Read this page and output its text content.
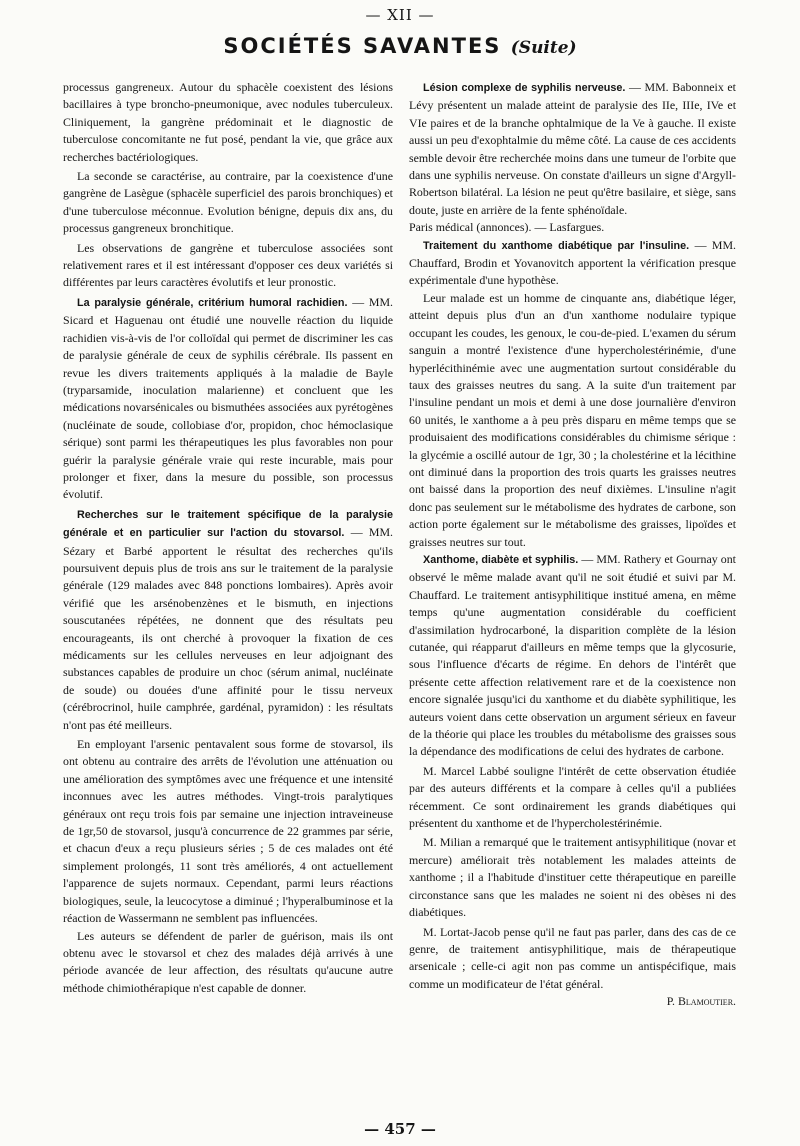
— XII —
SOCIÉTÉS SAVANTES (Suite)

processus gangreneux. Autour du sphacèle coexistent des lésions bacillaires à type broncho-pneumonique, avec nodules tuberculeux. Cliniquement, la gangrène prédominait et le diagnostic de tuberculose concomitante ne fut posé, pendant la vie, que grâce aux recherches bactériologiques.

La seconde se caractérise, au contraire, par la coexistence d'une gangrène de Lasègue (sphacèle superficiel des parois bronchiques) et d'une tuberculose méconnue. Evolution bénigne, depuis dix ans, du processus gangreneux bronchitique.

Les observations de gangrène et tuberculose associées sont relativement rares et il est intéressant d'opposer ces deux variétés si différentes par leurs caractères évolutifs et leur pronostic.

La paralysie générale, critérium humoral rachidien. — MM. Sicard et Haguenau ont étudié une nouvelle réaction du liquide rachidien vis-à-vis de l'or colloïdal qui permet de discriminer les cas de paralysie générale de ceux de syphilis cérébrale. Ils passent en revue les divers traitements appliqués à la maladie de Bayle (tryparsamide, inoculation malarienne) et concluent que les médications novarsénicales ou bismuthées associées aux pyrétogènes (nucléinate de soude, collobiase d'or, propidon, choc hémoclasique sérique) sont parmi les thérapeutiques les plus favorables non pour guérir la paralysie générale vraie qui reste incurable, mais pour prolonger et fixer, dans la mesure du possible, son processus évolutif.

Recherches sur le traitement spécifique de la paralysie générale et en particulier sur l'action du stovarsol. — MM. Sézary et Barbé apportent le résultat des recherches qu'ils poursuivent depuis plus de trois ans sur le traitement de la paralysie générale (129 malades avec 848 ponctions lombaires). Après avoir vérifié que les arsénobenzènes et le bismuth, en injections souscutanées répétées, ne donnent que des résultats peu encourageants, ils ont cherché à provoquer la fixation de ces médicaments sur les cellules nerveuses en leur adjoignant des substances capables de produire un choc (sérum animal, nucléinate de soude) ou douées d'une affinité pour le tissu nerveux (cérébrocrinol, huile camphrée, gardénal, pyramidon) : les résultats n'ont pas été meilleurs.

En employant l'arsenic pentavalent sous forme de stovarsol, ils ont obtenu au contraire des arrêts de l'évolution une atténuation ou une amélioration des symptômes avec une fréquence et une intensité inconnues avec les autres méthodes. Vingt-trois paralytiques généraux ont reçu trois fois par semaine une injection intraveineuse de 1gr,50 de stovarsol, jusqu'à concurrence de 22 grammes par série, et chacun d'eux a reçu plusieurs séries ; 5 de ces malades ont été simplement prolongés, 11 sont très améliorés, 4 ont actuellement l'apparence de sujets normaux. Cependant, parmi leurs réactions biologiques, seule, la leucocytose a diminué ; l'hyperalbuminose et la réaction de Wassermann ne semblent pas influencées.

Les auteurs se défendent de parler de guérison, mais ils ont obtenu avec le stovarsol et chez des malades déjà arrivés à une période avancée de leur affection, des résultats qu'aucune autre méthode chimiothérapique n'est capable de donner.

Lésion complexe de syphilis nerveuse. — MM. Babonneix et Lévy présentent un malade atteint de paralysie des IIe, IIIe, IVe et VIe paires et de la branche ophtalmique de la Ve à gauche. Il existe aussi un peu d'exophtalmie du même côté. La cause de ces accidents semble devoir être recherchée moins dans une tumeur de l'orbite que dans une syphilis nerveuse. On constate d'ailleurs un signe d'Argyll-Robertson bilatéral. La lésion ne peut qu'être basilaire, et siège, sans doute, juste en arrière de la fente sphénoïdale.

Paris médical (annonces). — Lasfargues.

Traitement du xanthome diabétique par l'insuline. — MM. Chauffard, Brodin et Yovanovitch apportent la vérification presque expérimentale d'une hypothèse.

Leur malade est un homme de cinquante ans, diabétique léger, atteint depuis plus d'un an d'un xanthome nodulaire typique occupant les coudes, les genoux, le cou-de-pied. L'examen du sérum sanguin a montré l'existence d'une hypercholestérinémie, d'une hyperlécithinémie avec une augmentation surtout considérable du taux des graisses neutres du sang. A la suite d'un traitement par l'insuline pendant un mois et demi à une dose journalière d'environ 60 unités, le xanthome a à peu près disparu en même temps que se produisaient des modifications considérables du chimisme sérique : la glycémie a oscillé autour de 1gr, 30 ; la cholestérine et la lécithine ont diminué dans la proportion des trois quarts les graisses neutres ont baissé dans la proportion des neuf dixièmes. L'insuline n'agit donc pas seulement sur le métabolisme des hydrates de carbone, son action porte également sur le métabolisme des graisses, lipoïdes et graisses neutres sur tout.

Xanthome, diabète et syphilis. — MM. Rathery et Gournay ont observé le même malade avant qu'il ne soit étudié et suivi par M. Chauffard. Le traitement antisyphilitique institué amena, en même temps qu'une augmentation considérable du coefficient d'assimilation hydrocarboné, la disparition complète de la lésion cutanée, qui réapparut d'ailleurs en même temps que la glycosurie, sous l'influence d'écarts de régime. En dehors de l'intérêt que présente cette affection relativement rare et de la coexistence non encore signalée jusqu'ici du xanthome et du diabète syphilitique, les auteurs voient dans cette observation un argument sérieux en faveur de la théorie qui place les troubles du métabolisme des graisses sous la dépendance des modifications de celui des hydrates de carbone.

M. Marcel Labbé souligne l'intérêt de cette observation étudiée par des auteurs différents et la compare à celles qu'il a publiées récemment. Ce sont ordinairement les grands diabétiques qui présentent du xanthome et de l'hypercholestérinémie.

M. Milian a remarqué que le traitement antisyphilitique (novar et mercure) améliorait très notablement les malades atteints de xanthome ; il a l'habitude d'instituer cette thérapeutique en pareille circonstance sans que les malades ne soient ni des obèses ni des diabétiques.

M. Lortat-Jacob pense qu'il ne faut pas parler, dans des cas de ce genre, de traitement antisyphilitique, mais de thérapeutique arsenicale ; celle-ci agit non pas comme un antispécifique, mais comme un modificateur de l'état général.

P. Blamoutier.

— 457 —
